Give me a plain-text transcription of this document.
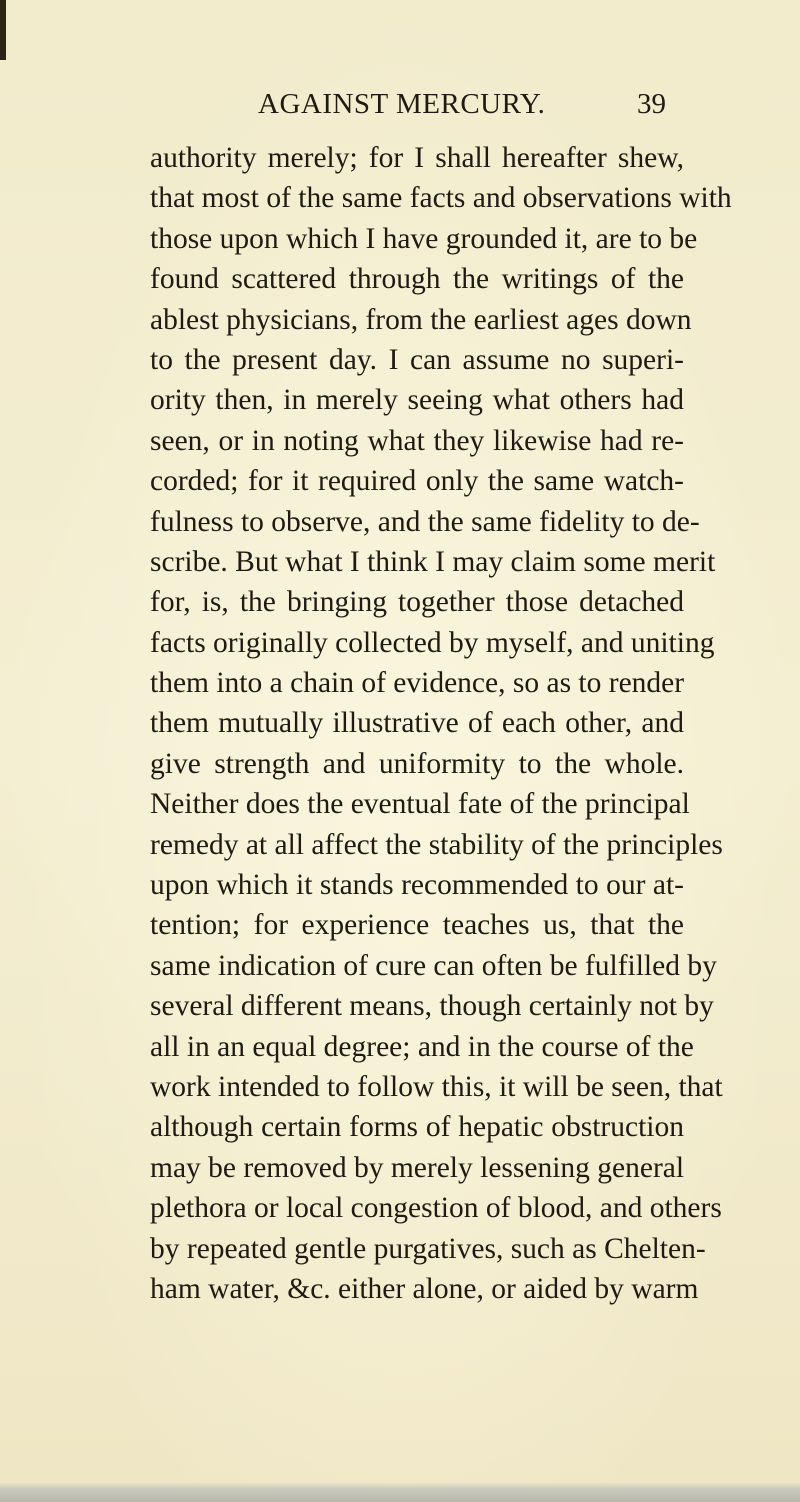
AGAINST MERCURY.	39
authority merely; for I shall hereafter shew,
that most of the same facts and observations with
those upon which I have grounded it, are to be
found scattered through the writings of the
ablest physicians, from the earliest ages down
to the present day. I can assume no superi-
ority then, in merely seeing what others had
seen, or in noting what they likewise had re-
corded; for it required only the same watch-
fulness to observe, and the same fidelity to de-
scribe. But what I think I may claim some merit
for, is, the bringing together those detached
facts originally collected by myself, and uniting
them into a chain of evidence, so as to render
them mutually illustrative of each other, and
give strength and uniformity to the whole.
Neither does the eventual fate of the principal
remedy at all affect the stability of the principles
upon which it stands recommended to our at-
tention; for experience teaches us, that the
same indication of cure can often be fulfilled by
several different means, though certainly not by
all in an equal degree; and in the course of the
work intended to follow this, it will be seen, that
although certain forms of hepatic obstruction
may be removed by merely lessening general
plethora or local congestion of blood, and others
by repeated gentle purgatives, such as Chelten-
ham water, &c. either alone, or aided by warm
